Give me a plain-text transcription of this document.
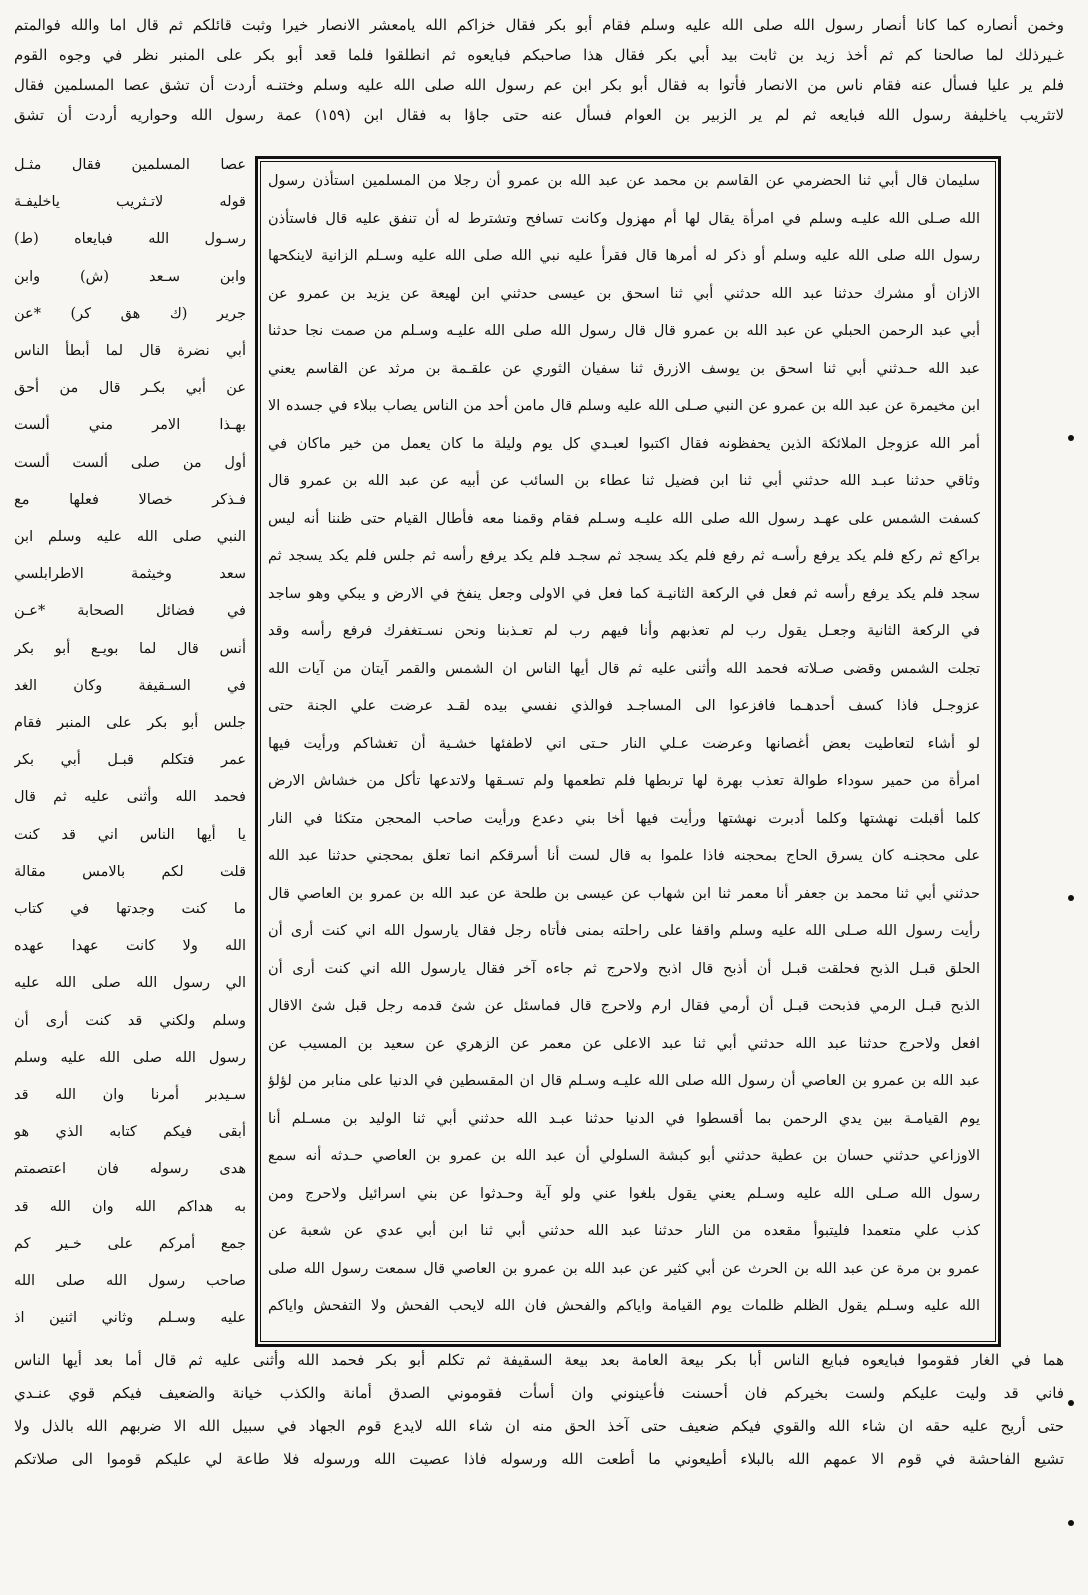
وخمن أنصاره كما كانا أنصار رسول الله صلى الله عليه وسلم فقام أبو بكر فقال خزاكم الله يامعشر الانصار خيرا وثبت قائلكم ثم قال اما والله فوالمتم
غـيرذلك لما صالحنا كم ثم أخذ زيد بن ثابت بيد أبي بكر فقال هذا صاحبكم فبايعوه ثم انطلقوا فلما قعد أبو بكر على المنبر نظر في وجوه القوم
فلم ير عليا فسأل عنه فقام ناس من الانصار فأتوا به فقال أبو بكر ابن عم رسول الله صلى الله عليه وسلم وختنـه أردت أن تشق عصا المسلمين فقال
لاتثريب ياخليفة رسول الله فبايعه ثم لم ير الزبير بن العوام فسأل عنه حتى جاؤا به فقال ابن (١٥٩) عمة رسول الله وحواريه أردت أن تشق
سليمان قال أبي ثنا الحضرمي عن القاسم بن محمد عن عبد الله بن عمرو أن رجلا من المسلمين استأذن رسول
الله صـلى الله عليـه وسلم في امرأة يقال لها أم مهزول وكانت تسافح وتشترط له أن تنفق عليه قال فاستأذن
رسول الله صلى الله عليه وسلم أو ذكر له أمرها قال فقرأ عليه نبي الله صلى الله عليه وسـلم الزانية لاينكحها
الازان أو مشرك حدثنا عبد الله حدثني أبي ثنا اسحق بن عيسى حدثني ابن لهيعة عن يزيد بن عمرو عن
أبي عبد الرحمن الحبلي عن عبد الله بن عمرو قال قال رسول الله صلى الله عليـه وسـلم من صمت نجا حدثنا
عبد الله حـدثني أبي ثنا اسحق بن يوسف الازرق ثنا سفيان الثوري عن علقـمة بن مرثد عن القاسم يعني
ابن مخيمرة عن عبد الله بن عمرو عن النبي صـلى الله عليه وسلم قال مامن أحد من الناس يصاب ببلاء في جسده الا
أمر الله عزوجل الملائكة الذين يحفظونه فقال اكتبوا لعبـدي كل يوم وليلة ما كان يعمل من خير ماكان في
وثاقي حدثنا عبـد الله حدثني أبي ثنا ابن فضيل ثنا عطاء بن السائب عن أبيه عن عبد الله بن عمرو قال
كسفت الشمس على عهـد رسول الله صلى الله عليـه وسـلم فقام وقمنا معه فأطال القيام حتى ظننا أنه ليس
براكع ثم ركع فلم يكد يرفع رأسـه ثم رفع فلم يكد يسجد ثم سجـد فلم يكد يرفع رأسه ثم جلس فلم يكد يسجد ثم
سجد فلم يكد يرفع رأسه ثم فعل في الركعة الثانيـة كما فعل في الاولى وجعل ينفخ في الارض و يبكي وهو ساجد
في الركعة الثانية وجعـل يقول رب لم تعذبهم وأنا فيهم رب لم تعـذبنا ونحن نسـتغفرك فرفع رأسه وقد
تجلت الشمس وقضى صـلاته فحمد الله وأثنى عليه ثم قال أيها الناس ان الشمس والقمر آيتان من آيات الله
عزوجـل فاذا كسف أحدهـما فافزعوا الى المساجـد فوالذي نفسي بيده لقـد عرضت علي الجنة حتى
لو أشاء لتعاطيت بعض أغصانها وعرضت عـلي النار حـتى اني لاطفئها خشـية أن تغشاكم ورأيت فيها
امرأة من حمير سوداء طوالة تعذب بهرة لها تربطها فلم تطعمها ولم تسـقها ولاتدعها تأكل من خشاش الارض
كلما أقبلت نهشتها وكلما أدبرت نهشتها ورأيت فيها أخا بني دعدع ورأيت صاحب المحجن متكئا في النار
على محجنـه كان يسرق الحاج بمحجنه فاذا علموا به قال لست أنا أسرقكم انما تعلق بمحجني حدثنا عبد الله
حدثني أبي ثنا محمد بن جعفر أنا معمر ثنا ابن شهاب عن عيسى بن طلحة عن عبد الله بن عمرو بن العاصي قال
رأيت رسول الله صـلى الله عليه وسلم واقفا على راحلته بمنى فأتاه رجل فقال يارسول الله اني كنت أرى أن
الحلق قبـل الذبح فحلقت قبـل أن أذبح قال اذبح ولاحرج ثم جاءه آخر فقال يارسول الله اني كنت أرى أن
الذبح قبـل الرمي فذبحت قبـل أن أرمي فقال ارم ولاحرج قال فماسئل عن شئ قدمه رجل قبل شئ الاقال
افعل ولاحرج حدثنا عبد الله حدثني أبي ثنا عبد الاعلى عن معمر عن الزهري عن سعيد بن المسيب عن
عبد الله بن عمرو بن العاصي أن رسول الله صلى الله عليـه وسـلم قال ان المقسطين في الدنيا على منابر من لؤلؤ
يوم القيامـة بين يدي الرحمن بما أقسطوا في الدنيا حدثنا عبـد الله حدثني أبي ثنا الوليد بن مسـلم أنا
الاوزاعي حدثني حسان بن عطية حدثني أبو كبشة السلولي أن عبد الله بن عمرو بن العاصي حـدثه أنه سمع
رسول الله صـلى الله عليه وسـلم يعني يقول بلغوا عني ولو آية وحـدثوا عن بني اسرائيل ولاحرج ومن
كذب علي متعمدا فليتبوأ مقعده من النار حدثنا عبد الله حدثني أبي ثنا ابن أبي عدي عن شعبة عن
عمرو بن مرة عن عبد الله بن الحرث عن أبي كثير عن عبد الله بن عمرو بن العاصي قال سمعت رسول الله صلى
الله عليه وسـلم يقول الظلم ظلمات يوم القيامة واياكم والفحش فان الله لايحب الفحش ولا التفحش واياكم
عصا المسلمين فقال مثـل
قوله لاتـثريب ياخليفـة
رسـول الله فبايعاه (ط)
وابن سـعد (ش) وابن
جرير (ك هق كر) *عن
أبي نضرة قال لما أبطأ الناس
عن أبي بكـر قال من أحق
بهـذا الامر مني ألست
أول من صلى ألست ألست
فـذكر خصالا فعلها مع
النبي صلى الله عليه وسلم ابن
سعد وخيثمة الاطرابلسي
في فضائل الصحابة *عـن
أنس قال لما بويـع أبو بكر
في السـقيفة وكان الغد
جلس أبو بكر على المنبر فقام
عمر فتكلم قبـل أبي بكر
فحمد الله وأثنى عليه ثم قال
يا أيها الناس اني قد كنت
قلت لكم بالامس مقالة
ما كنت وجدتها في كتاب
الله ولا كانت عهدا عهده
الي رسول الله صلى الله عليه
وسلم ولكني قد كنت أرى أن
رسول الله صلى الله عليه وسلم
سـيدبر أمرنا وان الله قد
أبقى فيكم كتابه الذي هو
هدى رسوله فان اعتصمتم
به هداكم الله وان الله قد
جمع أمركم على خـير كم
صاحب رسول الله صلى الله
عليه وسـلم وثاني اثنين اذ
هما في الغار فقوموا فبايعوه فبايع الناس أبا بكر بيعة العامة بعد بيعة السقيفة ثم تكلم أبو بكر فحمد الله وأثنى عليه ثم قال أما بعد أيها الناس
فاني قد وليت عليكم ولست بخيركم فان أحسنت فأعينوني وان أسأت فقوموني الصدق أمانة والكذب خيانة والضعيف فيكم قوي عنـدي
حتى أريح عليه حقه ان شاء الله والقوي فيكم ضعيف حتى آخذ الحق منه ان شاء الله لايدع قوم الجهاد في سبيل الله الا ضربهم الله بالذل ولا
تشيع الفاحشة في قوم الا عمهم الله بالبلاء أطيعوني ما أطعت الله ورسوله فاذا عصيت الله ورسوله فلا طاعة لي عليكم قوموا الى صلاتكم
